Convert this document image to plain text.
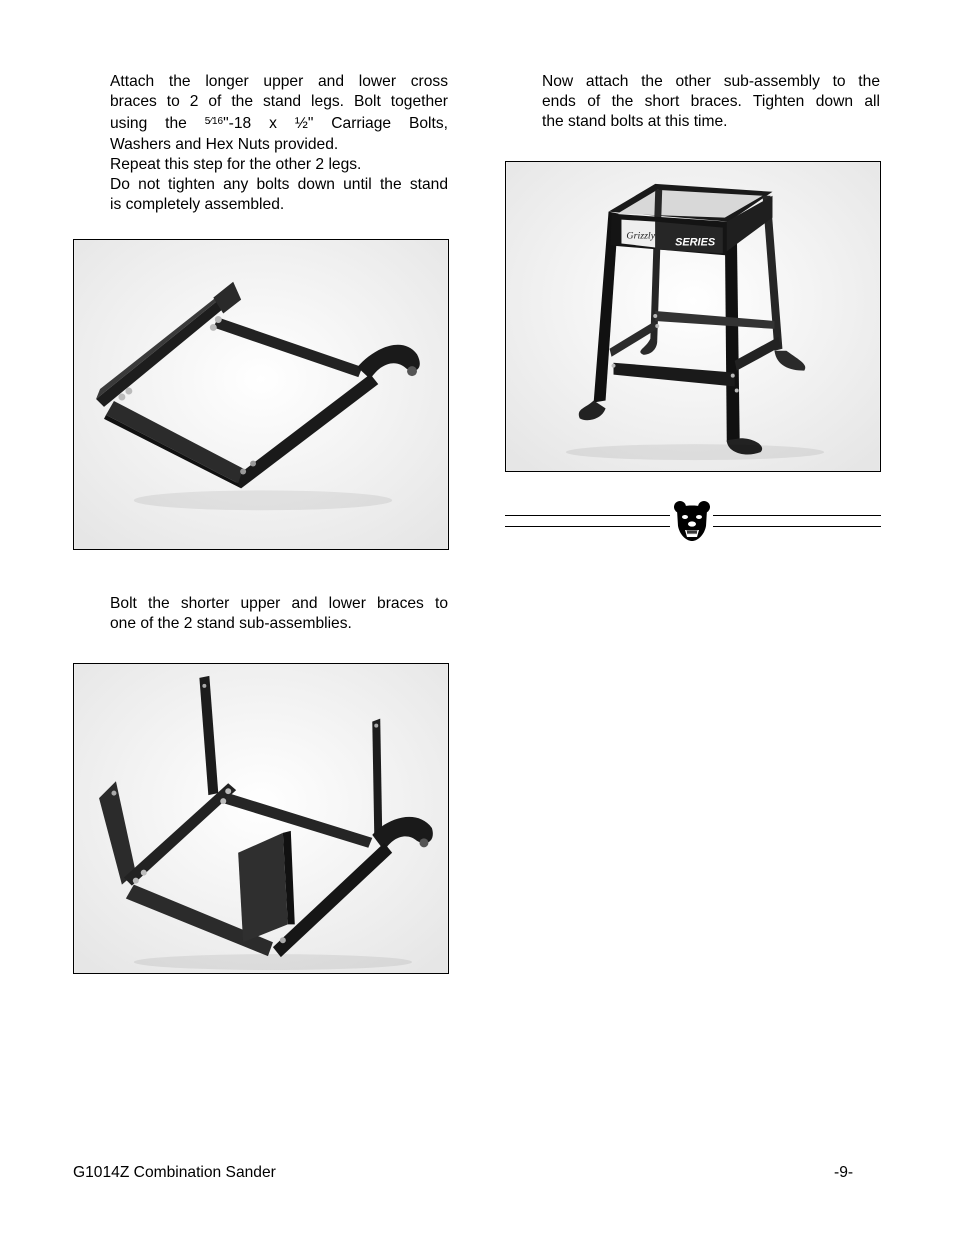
Attach the longer upper and lower cross
braces to 2 of the stand legs. Bolt together
using the $^{5⁄16}$"-18 x ½" Carriage Bolts,
Washers and Hex Nuts provided.
Repeat this step for the other 2 legs.
Do not tighten any bolts down until the stand
is completely assembled.
Bolt the shorter upper and lower braces to
one of the 2 stand sub-assemblies.
Now attach the other sub-assembly to the
ends of the short braces. Tighten down all
the stand bolts at this time.
Grizzly
SERIES
G1014Z Combination Sander	-9-
